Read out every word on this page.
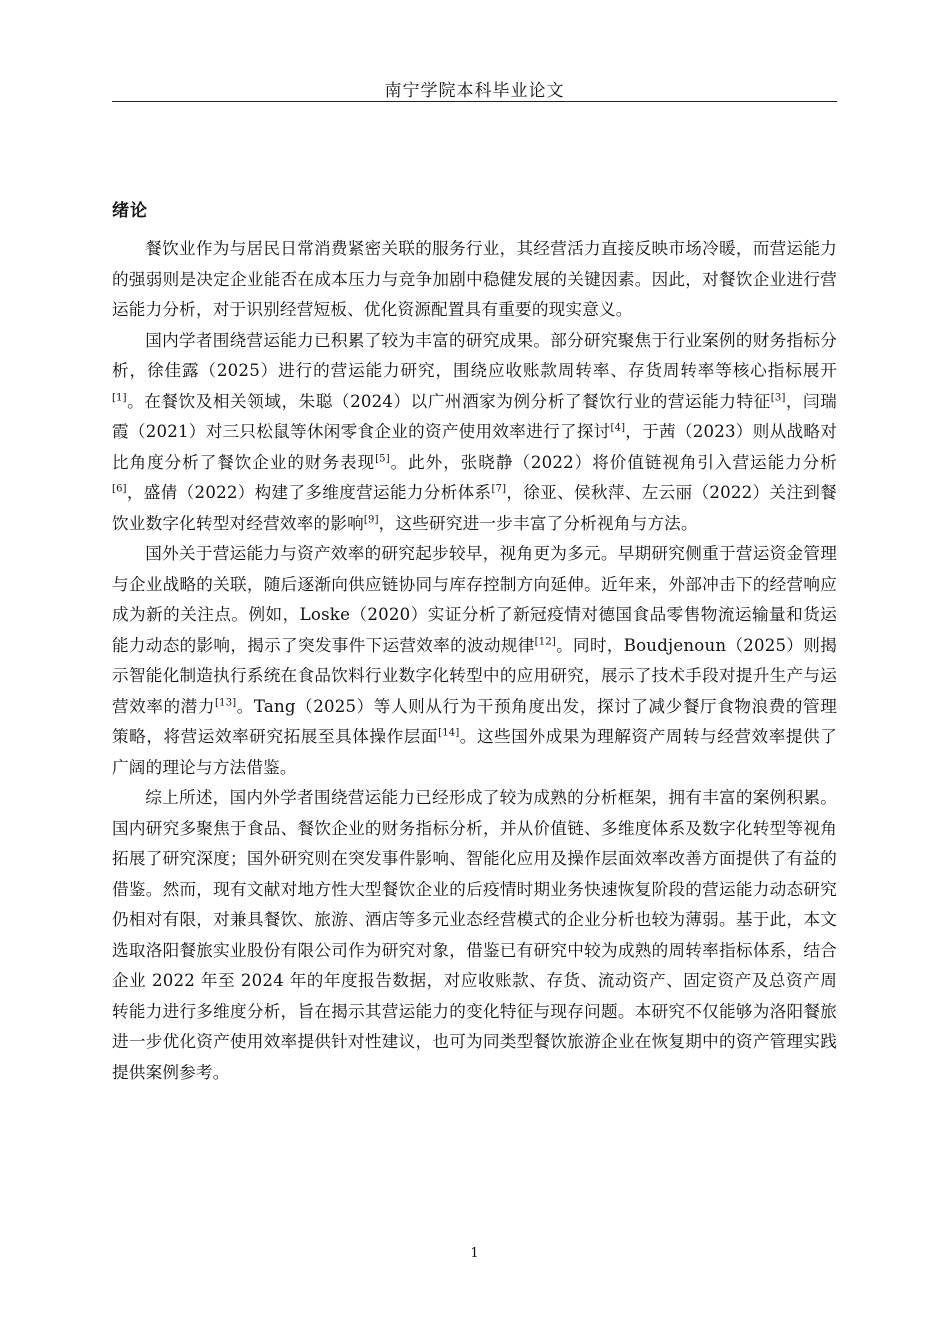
南宁学院本科毕业论文
绪论

餐饮业作为与居民日常消费紧密关联的服务行业，其经营活力直接反映市场冷暖，而营运能力的强弱则是决定企业能否在成本压力与竞争加剧中稳健发展的关键因素。因此，对餐饮企业进行营运能力分析，对于识别经营短板、优化资源配置具有重要的现实意义。

国内学者围绕营运能力已积累了较为丰富的研究成果。部分研究聚焦于行业案例的财务指标分析，徐佳露（2025）进行的营运能力研究，围绕应收账款周转率、存货周转率等核心指标展开[1]。在餐饮及相关领域，朱聪（2024）以广州酒家为例分析了餐饮行业的营运能力特征[3]，闫瑞霞（2021）对三只松鼠等休闲零食企业的资产使用效率进行了探讨[4]，于茜（2023）则从战略对比角度分析了餐饮企业的财务表现[5]。此外，张晓静（2022）将价值链视角引入营运能力分析[6]，盛倩（2022）构建了多维度营运能力分析体系[7]，徐亚、侯秋萍、左云丽（2022）关注到餐饮业数字化转型对经营效率的影响[9]，这些研究进一步丰富了分析视角与方法。

国外关于营运能力与资产效率的研究起步较早，视角更为多元。早期研究侧重于营运资金管理与企业战略的关联，随后逐渐向供应链协同与库存控制方向延伸。近年来，外部冲击下的经营响应成为新的关注点。例如，Loske（2020）实证分析了新冠疫情对德国食品零售物流运输量和货运能力动态的影响，揭示了突发事件下运营效率的波动规律[12]。同时，Boudjenoun（2025）则揭示智能化制造执行系统在食品饮料行业数字化转型中的应用研究，展示了技术手段对提升生产与运营效率的潜力[13]。Tang（2025）等人则从行为干预角度出发，探讨了减少餐厅食物浪费的管理策略，将营运效率研究拓展至具体操作层面[14]。这些国外成果为理解资产周转与经营效率提供了广阔的理论与方法借鉴。

综上所述，国内外学者围绕营运能力已经形成了较为成熟的分析框架，拥有丰富的案例积累。国内研究多聚焦于食品、餐饮企业的财务指标分析，并从价值链、多维度体系及数字化转型等视角拓展了研究深度；国外研究则在突发事件影响、智能化应用及操作层面效率改善方面提供了有益的借鉴。然而，现有文献对地方性大型餐饮企业的后疫情时期业务快速恢复阶段的营运能力动态研究仍相对有限，对兼具餐饮、旅游、酒店等多元业态经营模式的企业分析也较为薄弱。基于此，本文选取洛阳餐旅实业股份有限公司作为研究对象，借鉴已有研究中较为成熟的周转率指标体系，结合企业 2022 年至 2024 年的年度报告数据，对应收账款、存货、流动资产、固定资产及总资产周转能力进行多维度分析，旨在揭示其营运能力的变化特征与现存问题。本研究不仅能够为洛阳餐旅进一步优化资产使用效率提供针对性建议，也可为同类型餐饮旅游企业在恢复期中的资产管理实践提供案例参考。

1
